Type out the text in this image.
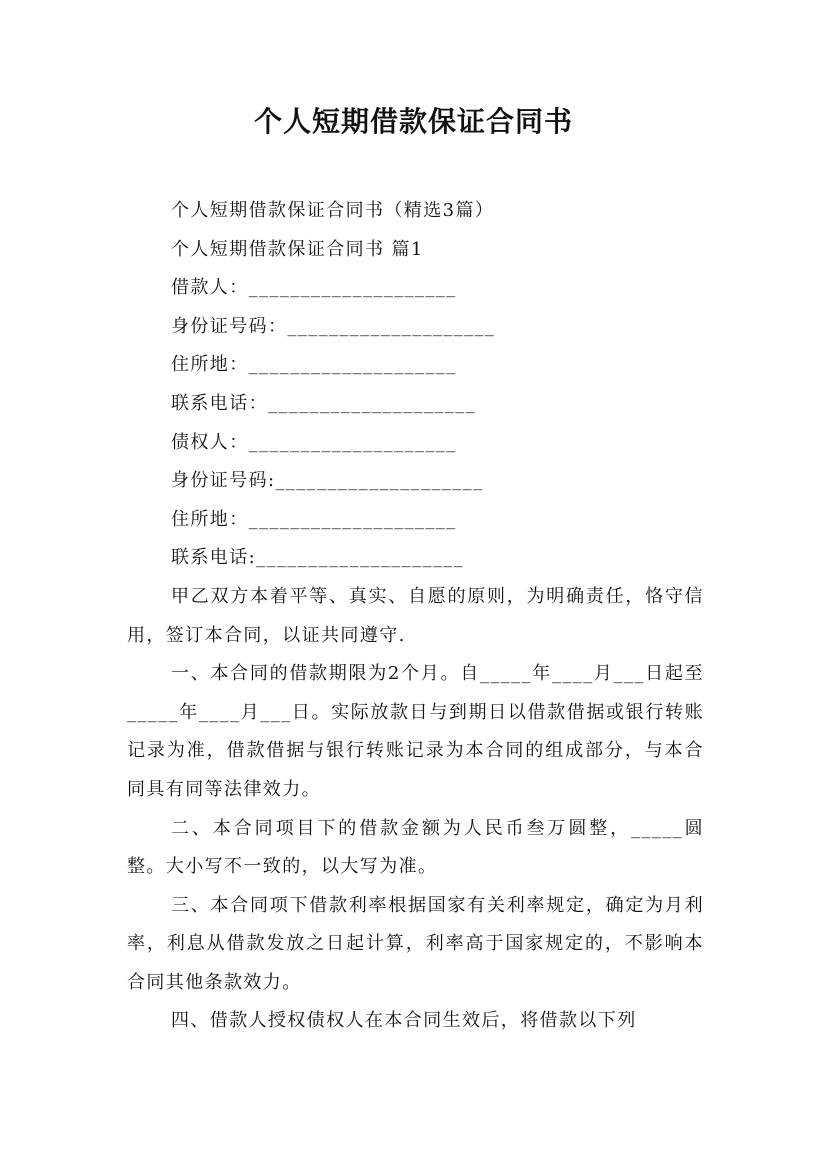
个人短期借款保证合同书
个人短期借款保证合同书（精选3篇）
个人短期借款保证合同书 篇1
借款人：____________________
身份证号码：____________________
住所地：____________________
联系电话：____________________
债权人：____________________
身份证号码:____________________
住所地：____________________
联系电话:____________________

甲乙双方本着平等、真实、自愿的原则，为明确责任，恪守信用，签订本合同，以证共同遵守.

一、本合同的借款期限为2个月。自_____年____月___日起至_____年____月___日。实际放款日与到期日以借款借据或银行转账记录为准，借款借据与银行转账记录为本合同的组成部分，与本合同具有同等法律效力。

二、本合同项目下的借款金额为人民币叁万圆整，_____圆整。大小写不一致的，以大写为准。

三、本合同项下借款利率根据国家有关利率规定，确定为月利率，利息从借款发放之日起计算，利率高于国家规定的，不影响本合同其他条款效力。

四、借款人授权债权人在本合同生效后，将借款以下列
